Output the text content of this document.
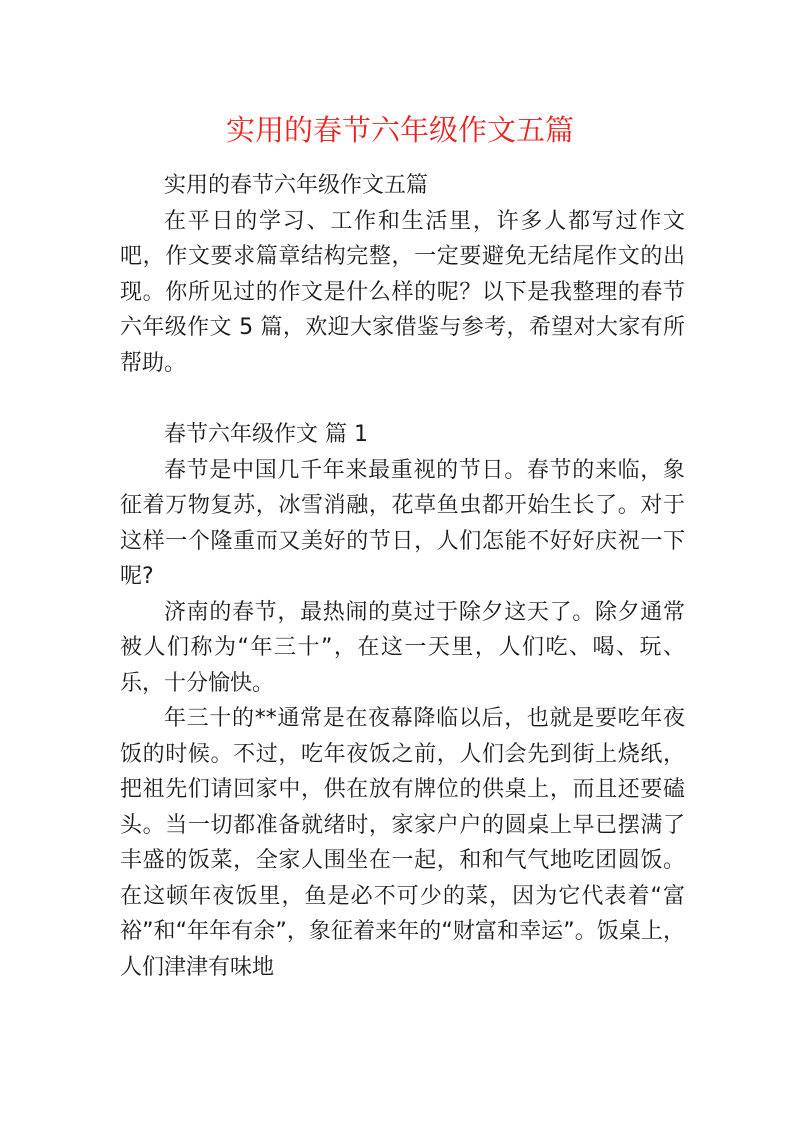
实用的春节六年级作文五篇

实用的春节六年级作文五篇

在平日的学习、工作和生活里，许多人都写过作文吧，作文要求篇章结构完整，一定要避免无结尾作文的出现。你所见过的作文是什么样的呢？以下是我整理的春节六年级作文 5 篇，欢迎大家借鉴与参考，希望对大家有所帮助。

春节六年级作文 篇 1

春节是中国几千年来最重视的节日。春节的来临，象征着万物复苏，冰雪消融，花草鱼虫都开始生长了。对于这样一个隆重而又美好的节日，人们怎能不好好庆祝一下呢?

济南的春节，最热闹的莫过于除夕这天了。除夕通常被人们称为“年三十”，在这一天里，人们吃、喝、玩、乐，十分愉快。

年三十的**通常是在夜幕降临以后，也就是要吃年夜饭的时候。不过，吃年夜饭之前，人们会先到街上烧纸，把祖先们请回家中，供在放有牌位的供桌上，而且还要磕头。当一切都准备就绪时，家家户户的圆桌上早已摆满了丰盛的饭菜，全家人围坐在一起，和和气气地吃团圆饭。在这顿年夜饭里，鱼是必不可少的菜，因为它代表着“富裕”和“年年有余”，象征着来年的“财富和幸运”。饭桌上，人们津津有味地
